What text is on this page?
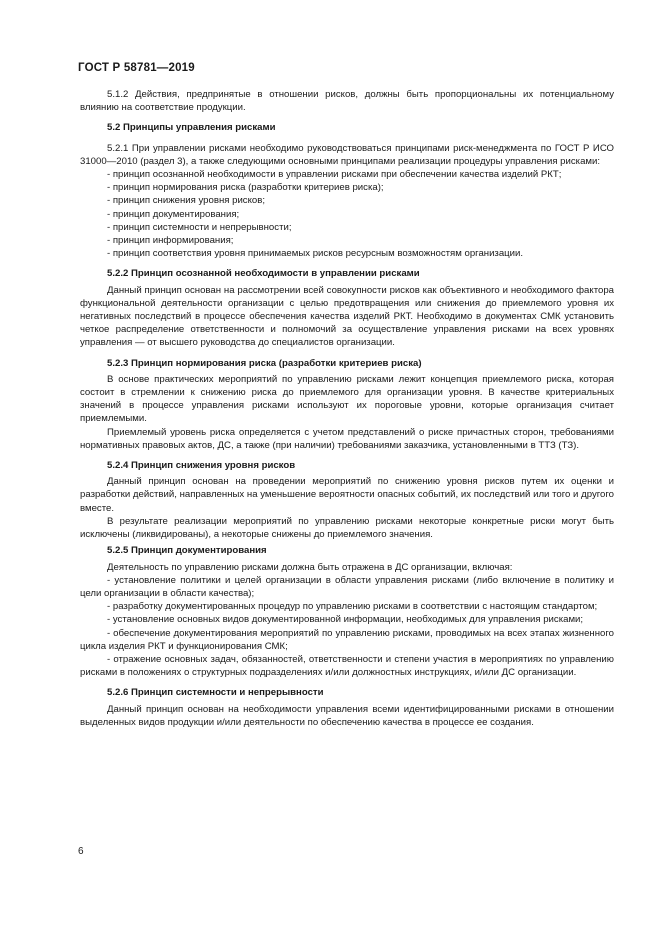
ГОСТ Р 58781—2019

5.1.2 Действия, предпринятые в отношении рисков, должны быть пропорциональны их потенциальному влиянию на соответствие продукции.

5.2 Принципы управления рисками

5.2.1 При управлении рисками необходимо руководствоваться принципами риск-менеджмента по ГОСТ Р ИСО 31000—2010 (раздел 3), а также следующими основными принципами реализации процедуры управления рисками:

- принцип осознанной необходимости в управлении рисками при обеспечении качества изделий РКТ;

- принцип нормирования риска (разработки критериев риска);

- принцип снижения уровня рисков;

- принцип документирования;

- принцип системности и непрерывности;

- принцип информирования;

- принцип соответствия уровня принимаемых рисков ресурсным возможностям организации.

5.2.2 Принцип осознанной необходимости в управлении рисками

Данный принцип основан на рассмотрении всей совокупности рисков как объективного и необходимого фактора функциональной деятельности организации с целью предотвращения или снижения до приемлемого уровня их негативных последствий в процессе обеспечения качества изделий РКТ. Необходимо в документах СМК установить четкое распределение ответственности и полномочий за осуществление управления рисками на всех уровнях управления — от высшего руководства до специалистов организации.

5.2.3 Принцип нормирования риска (разработки критериев риска)

В основе практических мероприятий по управлению рисками лежит концепция приемлемого риска, которая состоит в стремлении к снижению риска до приемлемого для организации уровня. В качестве критериальных значений в процессе управления рисками используют их пороговые уровни, которые организация считает приемлемыми.

Приемлемый уровень риска определяется с учетом представлений о риске причастных сторон, требованиями нормативных правовых актов, ДС, а также (при наличии) требованиями заказчика, установленными в ТТЗ (ТЗ).

5.2.4 Принцип снижения уровня рисков

Данный принцип основан на проведении мероприятий по снижению уровня рисков путем их оценки и разработки действий, направленных на уменьшение вероятности опасных событий, их последствий или того и другого вместе.

В результате реализации мероприятий по управлению рисками некоторые конкретные риски могут быть исключены (ликвидированы), а некоторые снижены до приемлемого значения.

5.2.5 Принцип документирования

Деятельность по управлению рисками должна быть отражена в ДС организации, включая:

- установление политики и целей организации в области управления рисками (либо включение в политику и цели организации в области качества);

- разработку документированных процедур по управлению рисками в соответствии с настоящим стандартом;

- установление основных видов документированной информации, необходимых для управления рисками;

- обеспечение документирования мероприятий по управлению рисками, проводимых на всех этапах жизненного цикла изделия РКТ и функционирования СМК;

- отражение основных задач, обязанностей, ответственности и степени участия в мероприятиях по управлению рисками в положениях о структурных подразделениях и/или должностных инструкциях, и/или ДС организации.

5.2.6 Принцип системности и непрерывности

Данный принцип основан на необходимости управления всеми идентифицированными рисками в отношении выделенных видов продукции и/или деятельности по обеспечению качества в процессе ее создания.

6
